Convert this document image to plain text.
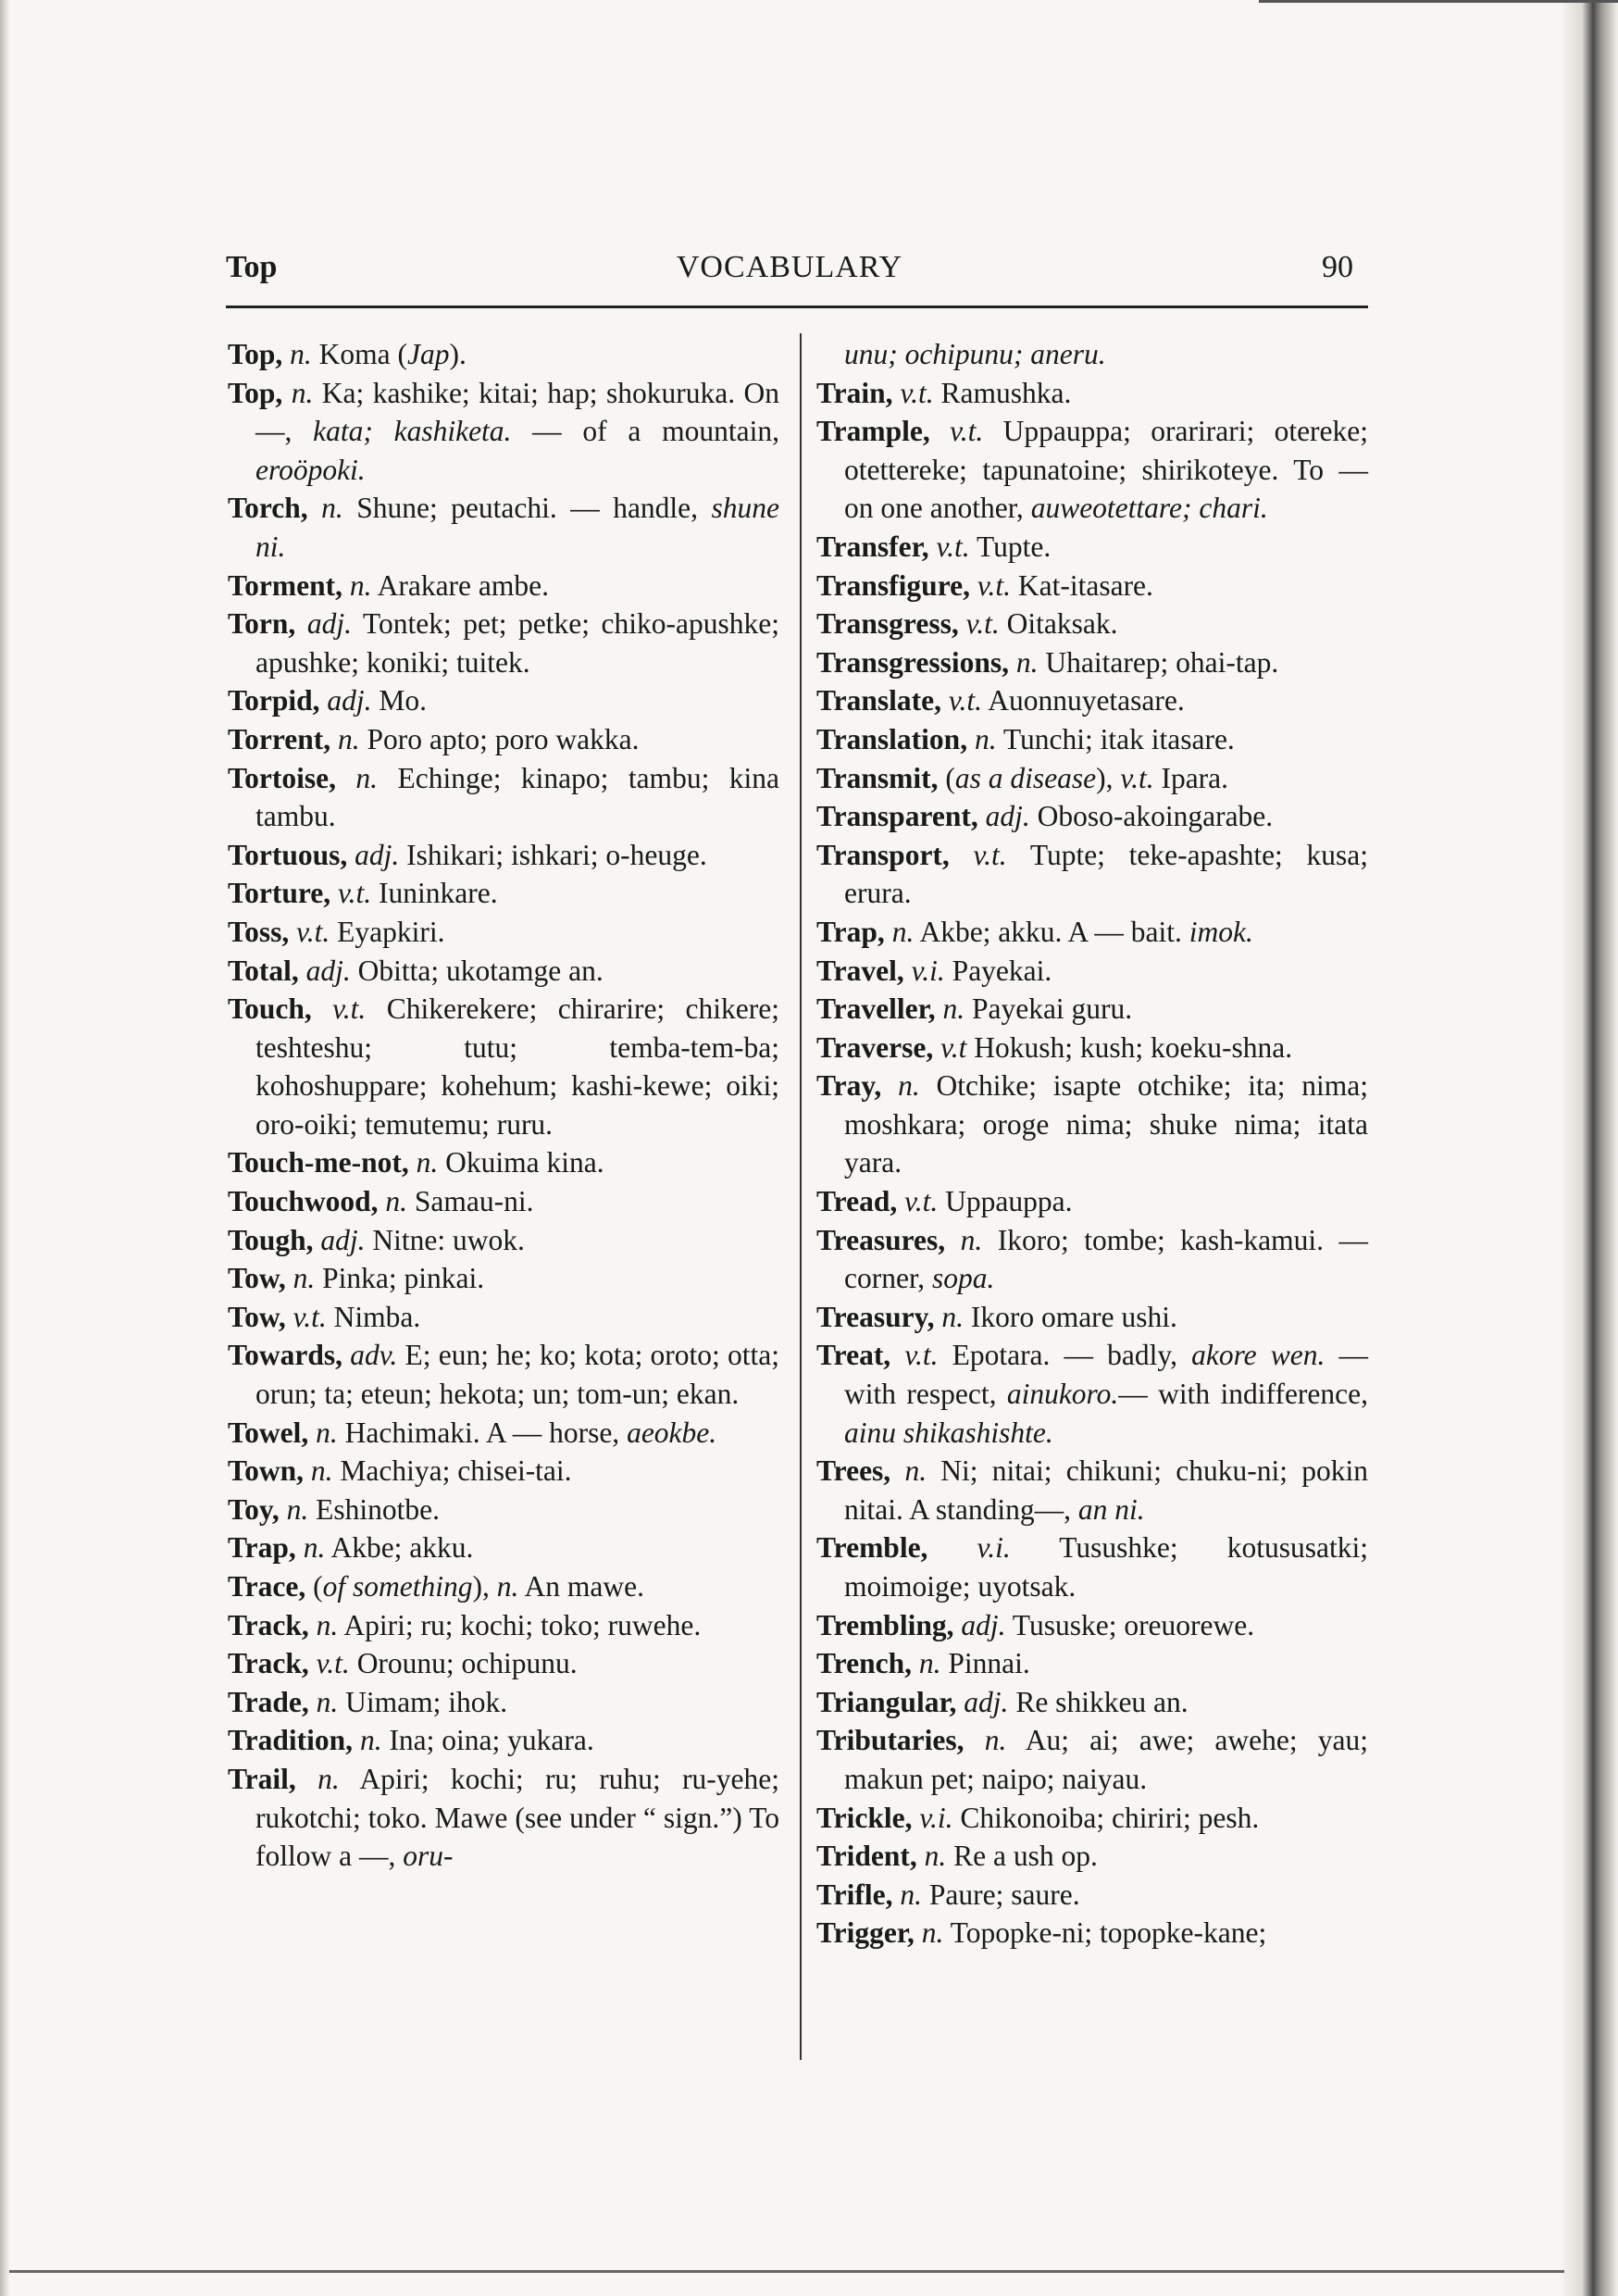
Top	VOCABULARY	90

Top, n. Koma (Jap).

Top, n. Ka; kashike; kitai; hap; shokuruka. On —, kata; kashiketa. — of a mountain, eroöpoki.

Torch, n. Shune; peutachi. — handle, shune ni.

Torment, n. Arakare ambe.

Torn, adj. Tontek; pet; petke; chiko-apushke; apushke; koniki; tuitek.

Torpid, adj. Mo.

Torrent, n. Poro apto; poro wakka.

Tortoise, n. Echinge; kinapo; tambu; kina tambu.

Tortuous, adj. Ishikari; ishkari; o-heuge.

Torture, v.t. Iuninkare.

Toss, v.t. Eyapkiri.

Total, adj. Obitta; ukotamge an.

Touch, v.t. Chikerekere; chirarire; chikere; teshteshu; tutu; temba-tem-ba; kohoshuppare; kohehum; kashi-kewe; oiki; oro-oiki; temutemu; ruru.

Touch-me-not, n. Okuima kina.

Touchwood, n. Samau-ni.

Tough, adj. Nitne: uwok.

Tow, n. Pinka; pinkai.

Tow, v.t. Nimba.

Towards, adv. E; eun; he; ko; kota; oroto; otta; orun; ta; eteun; hekota; un; tom-un; ekan.

Towel, n. Hachimaki. A — horse, aeokbe.

Town, n. Machiya; chisei-tai.

Toy, n. Eshinotbe.

Trap, n. Akbe; akku.

Trace, (of something), n. An mawe.

Track, n. Apiri; ru; kochi; toko; ruwehe.

Track, v.t. Orounu; ochipunu.

Trade, n. Uimam; ihok.

Tradition, n. Ina; oina; yukara.

Trail, n. Apiri; kochi; ru; ruhu; ru-yehe; rukotchi; toko. Mawe (see under “ sign.”) To follow a —, oru-

unu; ochipunu; aneru.

Train, v.t. Ramushka.

Trample, v.t. Uppauppa; orarirari; otereke; otettereke; tapunatoine; shirikoteye. To — on one another, auweotettare; chari.

Transfer, v.t. Tupte.

Transfigure, v.t. Kat-itasare.

Transgress, v.t. Oitaksak.

Transgressions, n. Uhaitarep; ohai-tap.

Translate, v.t. Auonnuyetasare.

Translation, n. Tunchi; itak itasare.

Transmit, (as a disease), v.t. Ipara.

Transparent, adj. Oboso-akoingarabe.

Transport, v.t. Tupte; teke-apashte; kusa; erura.

Trap, n. Akbe; akku. A — bait. imok.

Travel, v.i. Payekai.

Traveller, n. Payekai guru.

Traverse, v.t Hokush; kush; koeku-shna.

Tray, n. Otchike; isapte otchike; ita; nima; moshkara; oroge nima; shuke nima; itata yara.

Tread, v.t. Uppauppa.

Treasures, n. Ikoro; tombe; kash-kamui. — corner, sopa.

Treasury, n. Ikoro omare ushi.

Treat, v.t. Epotara. — badly, akore wen. — with respect, ainukoro.— with indifference, ainu shikashishte.

Trees, n. Ni; nitai; chikuni; chuku-ni; pokin nitai. A standing—, an ni.

Tremble, v.i. Tusushke; kotususatki; moimoige; uyotsak.

Trembling, adj. Tususke; oreuorewe.

Trench, n. Pinnai.

Triangular, adj. Re shikkeu an.

Tributaries, n. Au; ai; awe; awehe; yau; makun pet; naipo; naiyau.

Trickle, v.i. Chikonoiba; chiriri; pesh.

Trident, n. Re a ush op.

Trifle, n. Paure; saure.

Trigger, n. Topopke-ni; topopke-kane;
